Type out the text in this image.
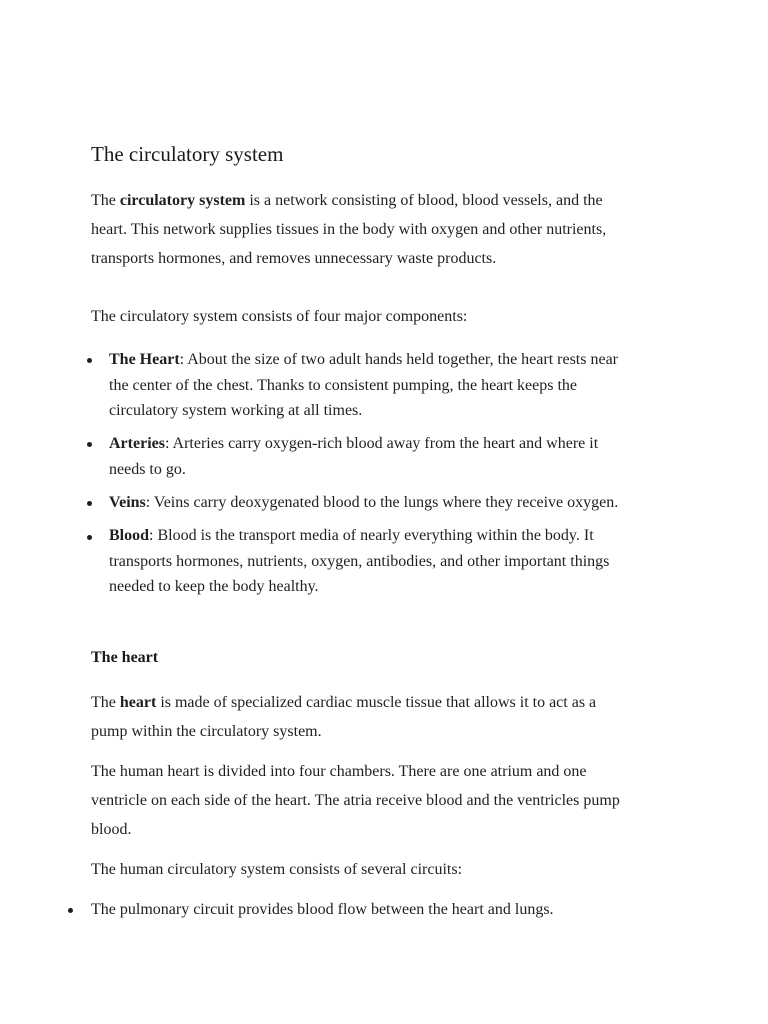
The circulatory system

The circulatory system is a network consisting of blood, blood vessels, and the
heart. This network supplies tissues in the body with oxygen and other nutrients,
transports hormones, and removes unnecessary waste products.

The circulatory system consists of four major components:

The Heart: About the size of two adult hands held together, the heart rests near
the center of the chest. Thanks to consistent pumping, the heart keeps the
circulatory system working at all times.

Arteries: Arteries carry oxygen-rich blood away from the heart and where it
needs to go.

Veins: Veins carry deoxygenated blood to the lungs where they receive oxygen.

Blood: Blood is the transport media of nearly everything within the body. It
transports hormones, nutrients, oxygen, antibodies, and other important things
needed to keep the body healthy.

The heart

The heart is made of specialized cardiac muscle tissue that allows it to act as a
pump within the circulatory system.

The human heart is divided into four chambers. There are one atrium and one
ventricle on each side of the heart. The atria receive blood and the ventricles pump
blood.

The human circulatory system consists of several circuits:

The pulmonary circuit provides blood flow between the heart and lungs.
